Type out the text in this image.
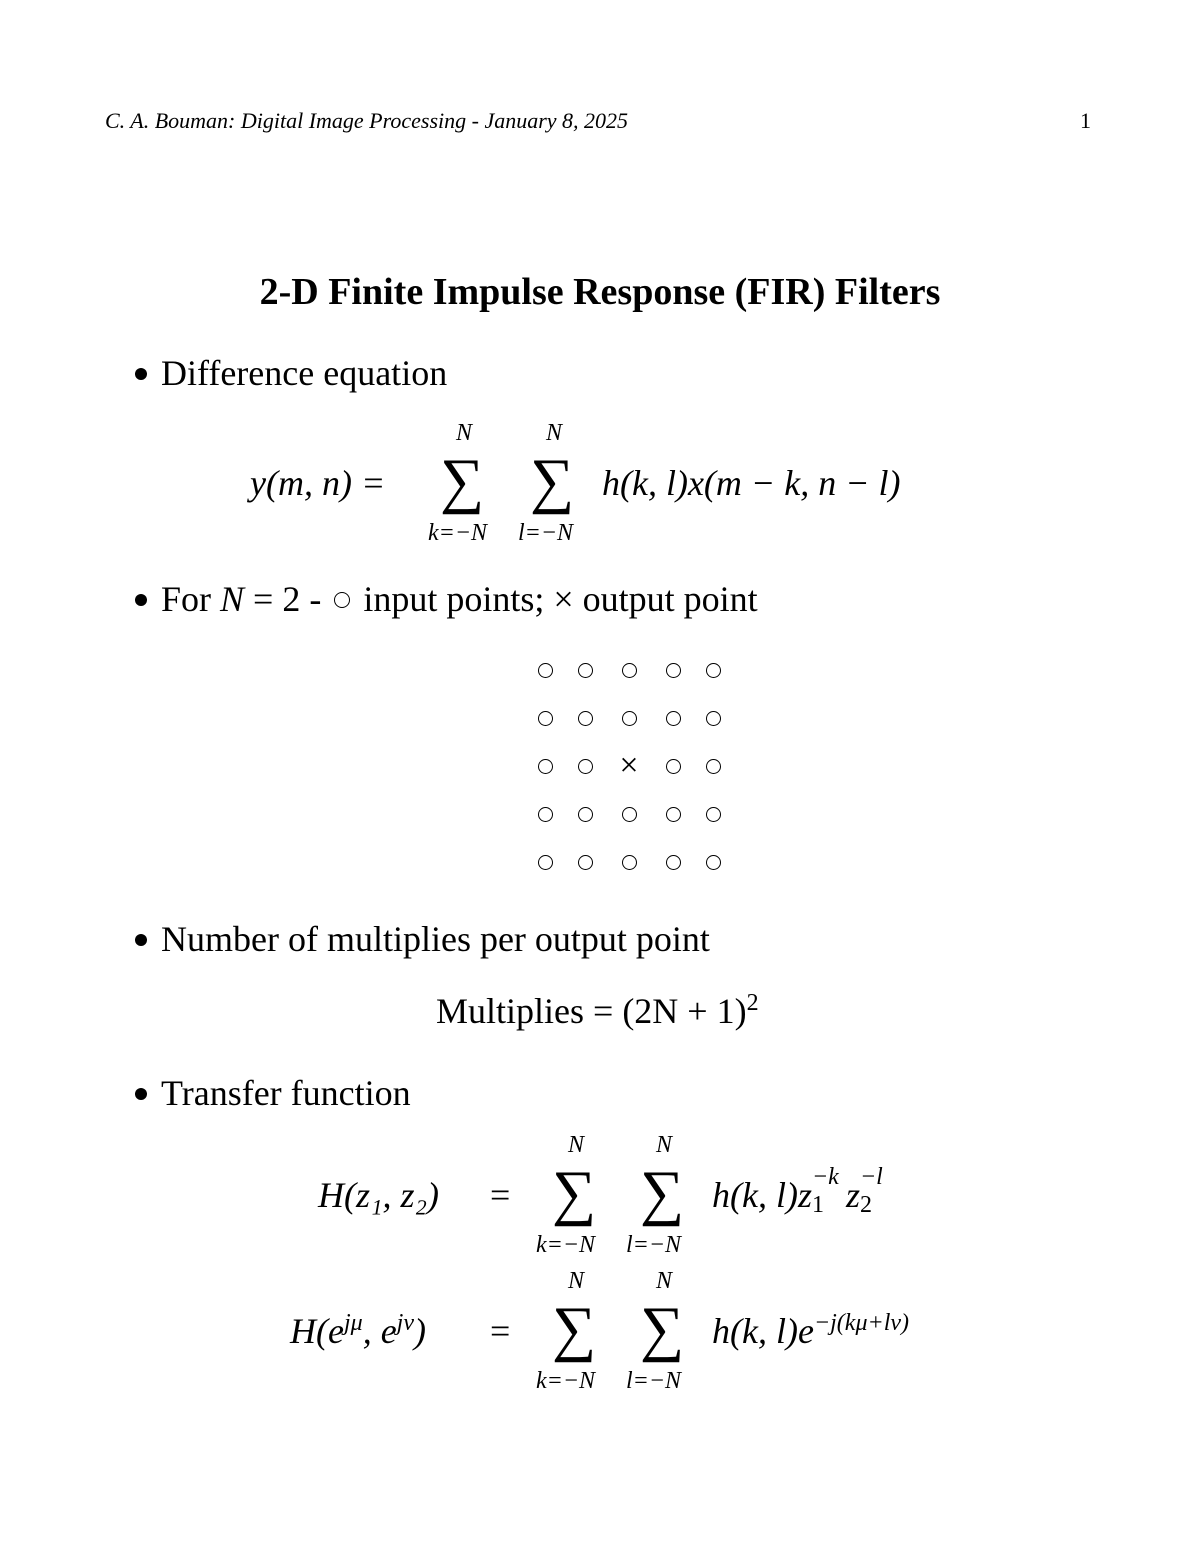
C. A. Bouman: Digital Image Processing - January 8, 2025	1
2-D Finite Impulse Response (FIR) Filters
Difference equation
y(m, n) =
N
∑
k=−N
N
∑
l=−N
h(k, l)x(m − k, n − l)
For N = 2 - input points; × output point
×
Number of multiplies per output point
Multiplies = $(2N + 1)^2$
Transfer function
H(z₁, z₂) =
N
∑
k=−N
N
∑
l=−N
h(k, l)z −k
1 z −l
2

$H(e^{j\mu}$, $e^{j\nu}$) =
N
∑
k=−N
N
∑
l=−N
h(k, $l)e^{-j(k\mu+l\nu)}$
